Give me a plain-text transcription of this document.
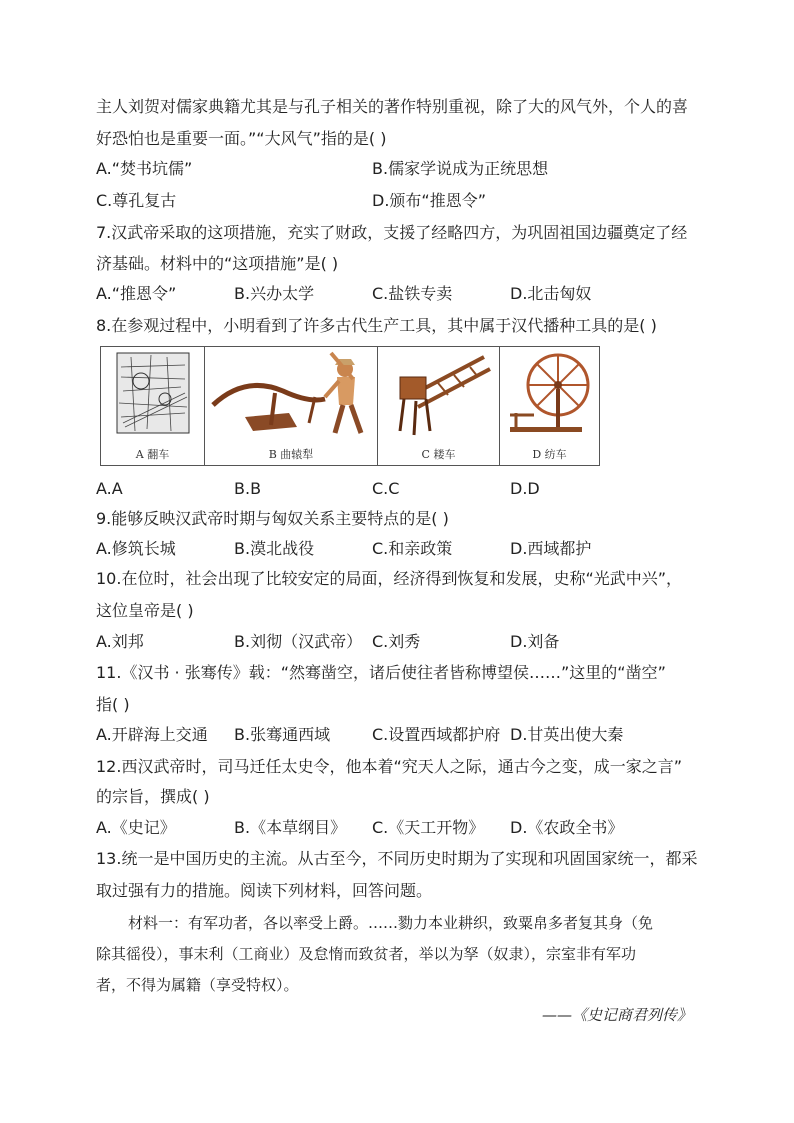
主人刘贺对儒家典籍尤其是与孔子相关的著作特别重视，除了大的风气外，个人的喜
好恐怕也是重要一面。”“大风气”指的是( )
A.“焚书坑儒”	B.儒家学说成为正统思想
C.尊孔复古	D.颁布“推恩令”
7.汉武帝采取的这项措施，充实了财政，支援了经略四方，为巩固祖国边疆奠定了经
济基础。材料中的“这项措施”是( )
A.“推恩令”	B.兴办太学	C.盐铁专卖	D.北击匈奴
8.在参观过程中，小明看到了许多古代生产工具，其中属于汉代播种工具的是( )
A 翻车	B 曲辕犁	C 耧车	D 纺车
A.A	B.B	C.C	D.D
9.能够反映汉武帝时期与匈奴关系主要特点的是( )
A.修筑长城	B.漠北战役	C.和亲政策	D.西域都护
10.在位时，社会出现了比较安定的局面，经济得到恢复和发展，史称“光武中兴”，
这位皇帝是( )
A.刘邦	B.刘彻（汉武帝） C.刘秀	D.刘备
11.《汉书 · 张骞传》载：“然骞凿空，诸后使往者皆称博望侯……”这里的“凿空”
指( )
A.开辟海上交通 B.张骞通西域	C.设置西域都护府 D.甘英出使大秦
12.西汉武帝时，司马迁任太史令，他本着“究天人之际，通古今之变，成一家之言”
的宗旨，撰成( )
A.《史记》	B.《本草纲目》 C.《天工开物》 D.《农政全书》
13.统一是中国历史的主流。从古至今，不同历史时期为了实现和巩固国家统一，都采
取过强有力的措施。阅读下列材料，回答问题。
材料一：有军功者，各以率受上爵。……勠力本业耕织，致粟帛多者复其身（免
除其徭役），事末利（工商业）及怠惰而致贫者，举以为孥（奴隶），宗室非有军功
者，不得为属籍（享受特权）。
——《史记商君列传》
